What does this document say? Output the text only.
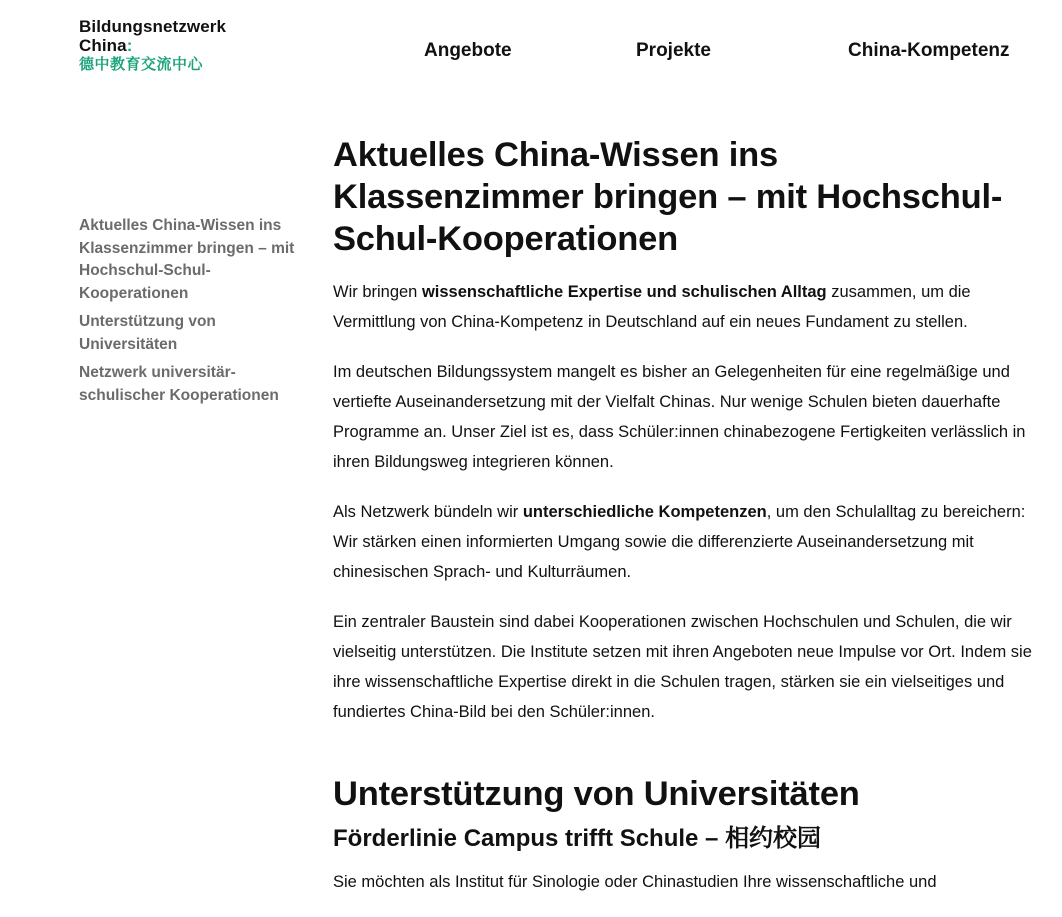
Bildungsnetzwerk
China:
德中教育交流中心
Angebote	Projekte	China-Kompetenz
Aktuelles China-Wissen ins Klassenzimmer bringen – mit Hochschul-Schul-Kooperationen
Unterstützung von Universitäten
Netzwerk universitär-schulischer Kooperationen
Aktuelles China-Wissen ins Klassenzimmer bringen – mit Hochschul-Schul-Kooperationen

Wir bringen wissenschaftliche Expertise und schulischen Alltag zusammen, um die Vermittlung von China-Kompetenz in Deutschland auf ein neues Fundament zu stellen.

Im deutschen Bildungssystem mangelt es bisher an Gelegenheiten für eine regelmäßige und vertiefte Auseinandersetzung mit der Vielfalt Chinas. Nur wenige Schulen bieten dauerhafte Programme an. Unser Ziel ist es, dass Schüler:innen chinabezogene Fertigkeiten verlässlich in ihren Bildungsweg integrieren können.

Als Netzwerk bündeln wir unterschiedliche Kompetenzen, um den Schulalltag zu bereichern: Wir stärken einen informierten Umgang sowie die differenzierte Auseinandersetzung mit chinesischen Sprach- und Kulturräumen.

Ein zentraler Baustein sind dabei Kooperationen zwischen Hochschulen und Schulen, die wir vielseitig unterstützen. Die Institute setzen mit ihren Angeboten neue Impulse vor Ort. Indem sie ihre wissenschaftliche Expertise direkt in die Schulen tragen, stärken sie ein vielseitiges und fundiertes China-Bild bei den Schüler:innen.

Unterstützung von Universitäten
Förderlinie Campus trifft Schule – 相约校园

Sie möchten als Institut für Sinologie oder Chinastudien Ihre wissenschaftliche und
